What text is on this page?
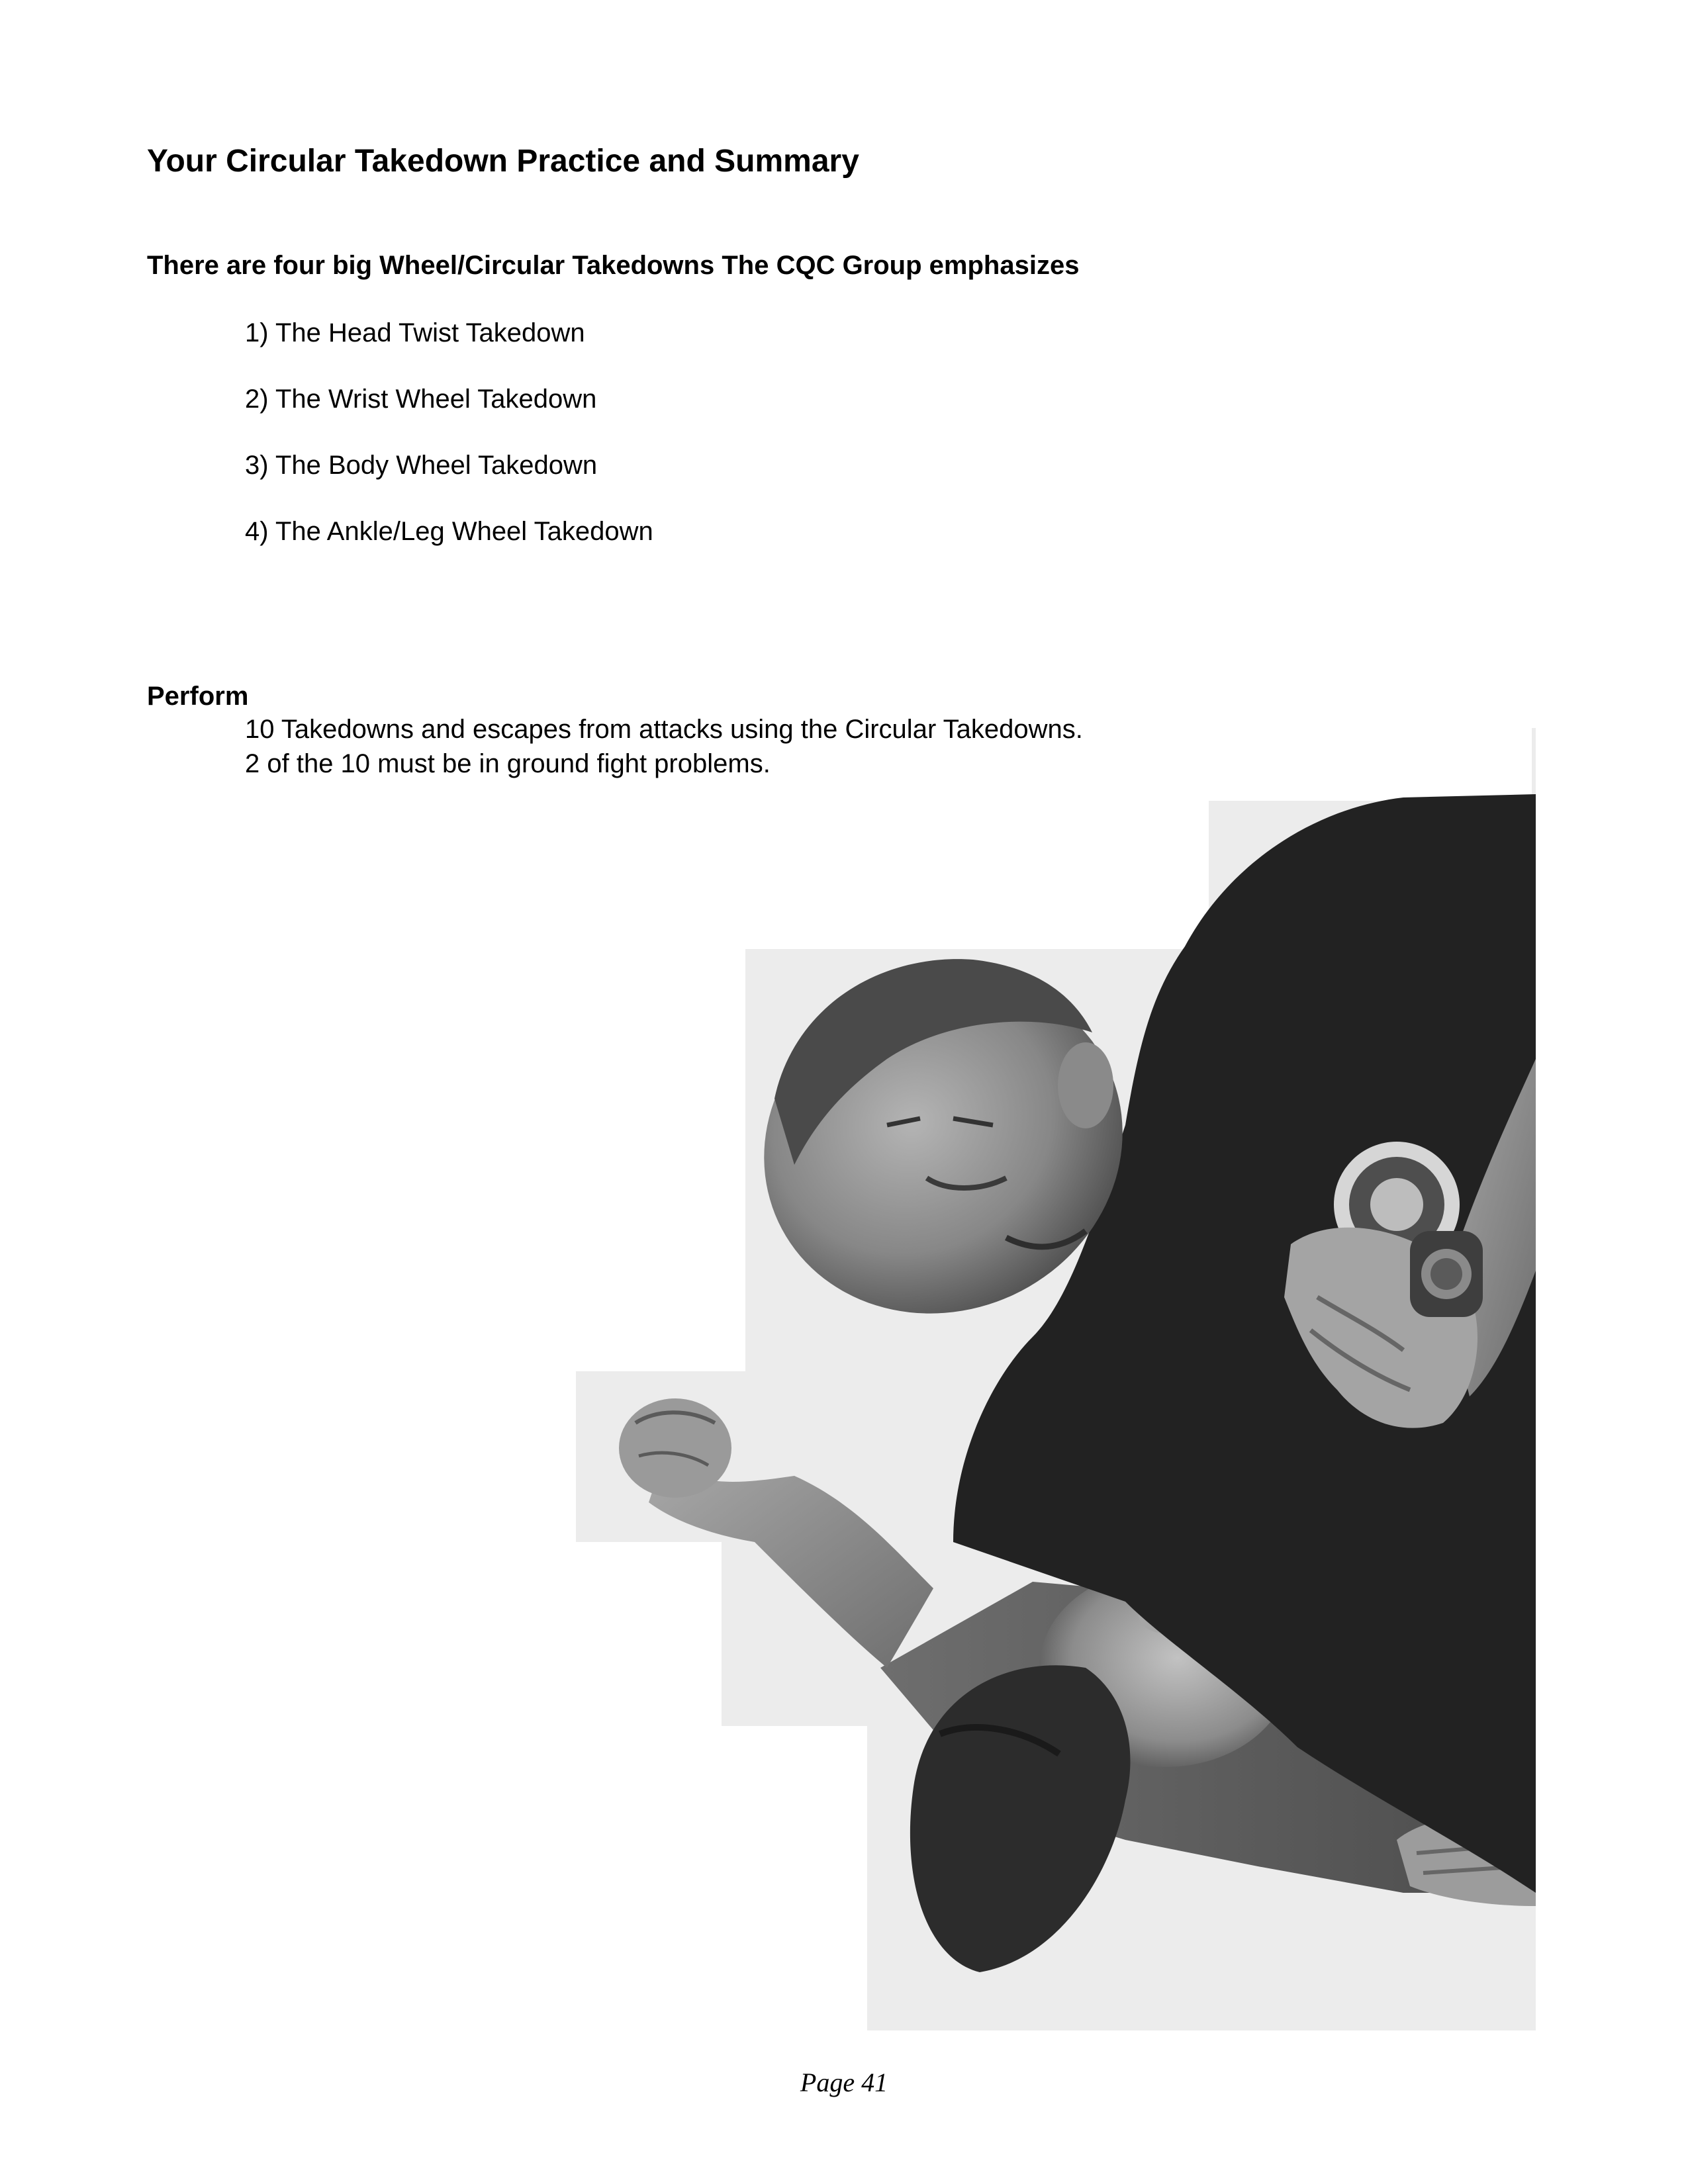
Your Circular Takedown Practice and Summary
There are four big Wheel/Circular Takedowns The CQC Group emphasizes
1) The Head Twist Takedown
2) The Wrist Wheel Takedown
3) The Body Wheel Takedown
4) The Ankle/Leg Wheel Takedown
Perform
10 Takedowns and escapes from attacks using the Circular Takedowns.
2 of the 10 must be in ground fight problems.
Page 41
